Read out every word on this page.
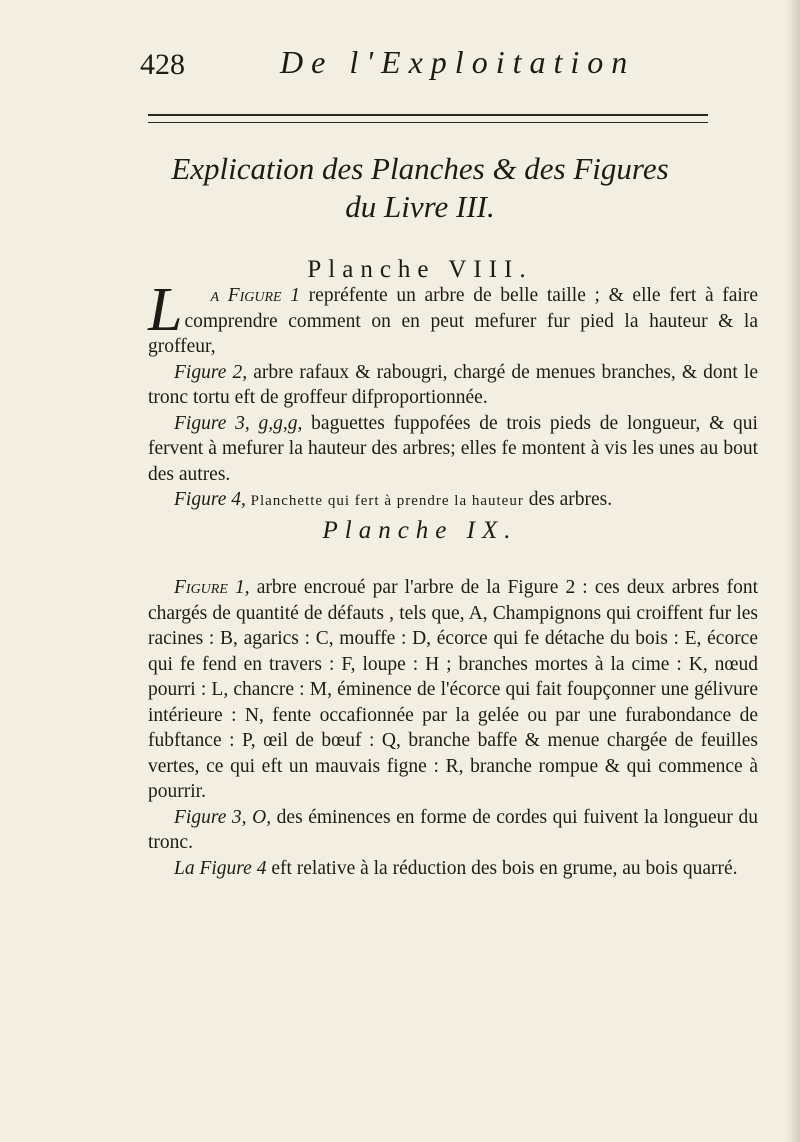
428	De l'Exploitation
Explication des Planches & des Figures
du Livre III.
Planche VIII.

L a Figure 1 repréfente un arbre de belle taille ; & elle fert à faire comprendre comment on en peut mefurer fur pied la hauteur & la groffeur,

Figure 2, arbre rafaux & rabougri, chargé de menues branches, & dont le tronc tortu eft de groffeur difproportionnée.

Figure 3, g,g,g, baguettes fuppofées de trois pieds de longueur, & qui fervent à mefurer la hauteur des arbres; elles fe montent à vis les unes au bout des autres.

Figure 4, Planchette qui fert à prendre la hauteur des arbres.

Planche IX.

Figure 1, arbre encroué par l'arbre de la Figure 2 : ces deux arbres font chargés de quantité de défauts , tels que, A, Champignons qui croiffent fur les racines : B, agarics : C, mouffe : D, écorce qui fe détache du bois : E, écorce qui fe fend en travers : F, loupe : H ; branches mortes à la cime : K, nœud pourri : L, chancre : M, éminence de l'écorce qui fait foupçonner une gélivure intérieure : N, fente occafionnée par la gelée ou par une furabondance de fubftance : P, œil de bœuf : Q, branche baffe & menue chargée de feuilles vertes, ce qui eft un mauvais figne : R, branche rompue & qui commence à pourrir.

Figure 3, O, des éminences en forme de cordes qui fuivent la longueur du tronc.

La Figure 4 eft relative à la réduction des bois en grume, au bois quarré.
